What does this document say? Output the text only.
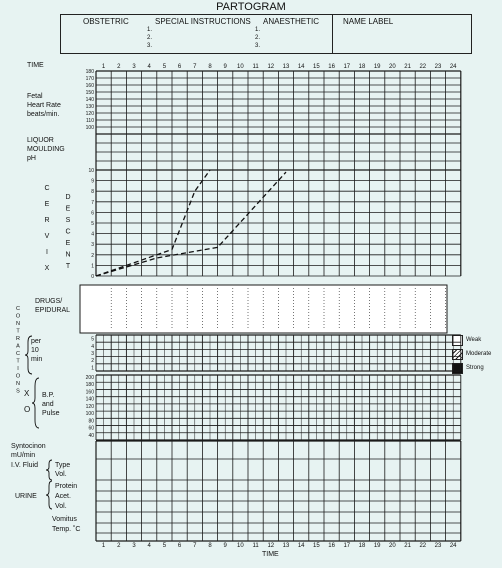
PARTOGRAM
OBSTETRIC	SPECIAL INSTRUCTIONS ANAESTHETIC	NAME LABEL
1.
2.
3.
1.
2.
3.
TIME
Fetal
Heart Rate
beats/min.
LIQUOR
MOULDING
pH
DRUGS/
EPIDURAL
per
10
min
X
O
B.P.
and
Pulse
Syntocinon
mU/min
I.V. Fluid Type
Vol.
URINE
Protein
Acet.
Vol.
Vomitus
Temp. ˚C
TIME
Weak
Moderate
Strong
1
1
2
2
3
3
4
4
5
5
6
6
7
7
8
8
9
9
10
10
11
11
12
12
13
13
14
14
15
15
16
16
17
17
18
18
19
19
20
20
21
21
22
22
23
23
24
24
180
170
160
150
140
130
120
110
100
10
9
8
7
6
5
4
3
2
1
0
C
E
R
V
I
X
D
E
S
C
E
N
T
5
4
3
2
1
C
O
N
T
R
A
C
T
I
O
N
S
200
180
160
140
120
100
80
60
40
